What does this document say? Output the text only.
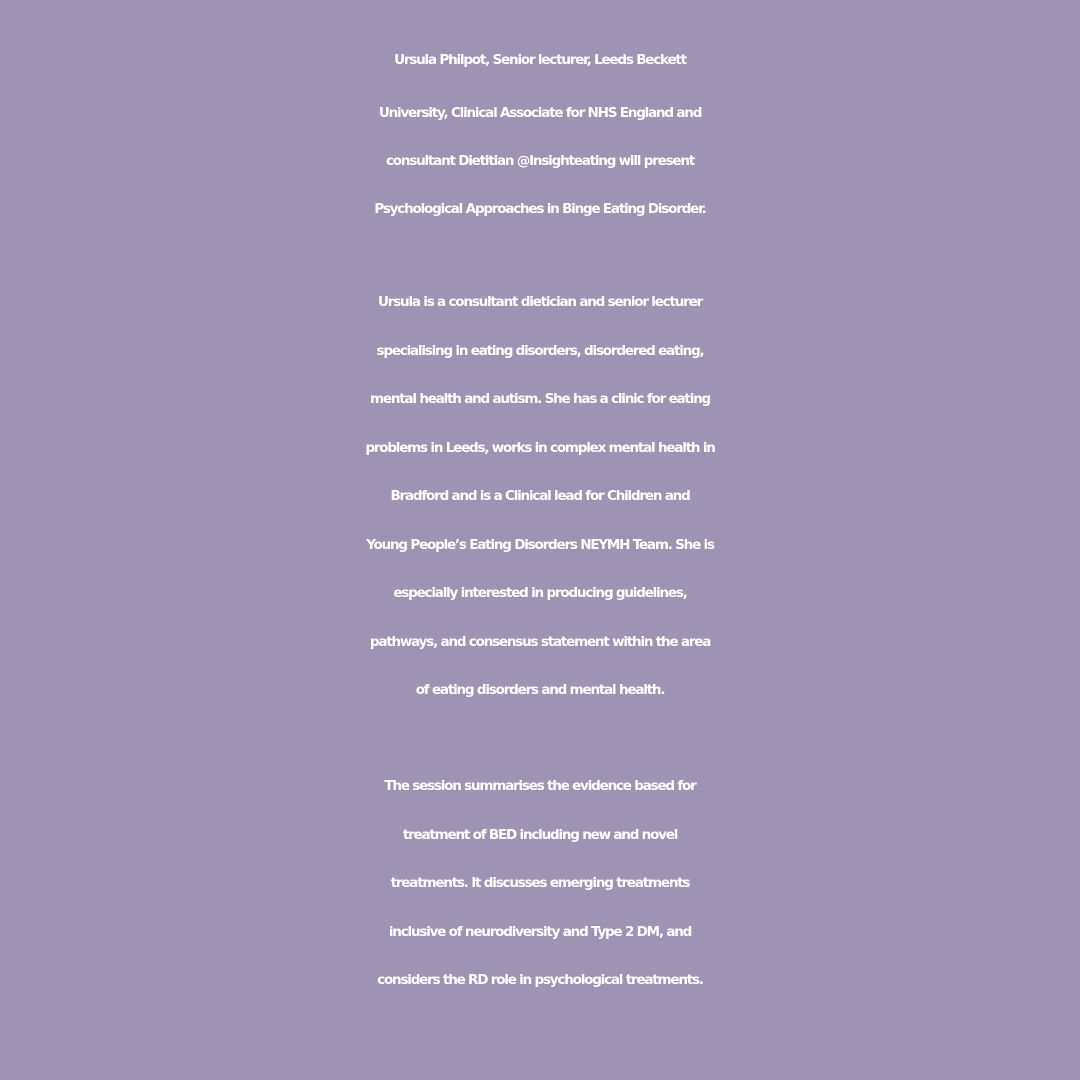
Ursula Philpot, Senior lecturer, Leeds Beckett
University, Clinical Associate for NHS England and
consultant Dietitian @Insighteating will present
Psychological Approaches in Binge Eating Disorder.
Ursula is a consultant dietician and senior lecturer
specialising in eating disorders, disordered eating,
mental health and autism. She has a clinic for eating
problems in Leeds, works in complex mental health in
Bradford and is a Clinical lead for Children and
Young People’s Eating Disorders NEYMH Team. She is
especially interested in producing guidelines,
pathways, and consensus statement within the area
of eating disorders and mental health.
The session summarises the evidence based for
treatment of BED including new and novel
treatments. It discusses emerging treatments
inclusive of neurodiversity and Type 2 DM, and
considers the RD role in psychological treatments.
